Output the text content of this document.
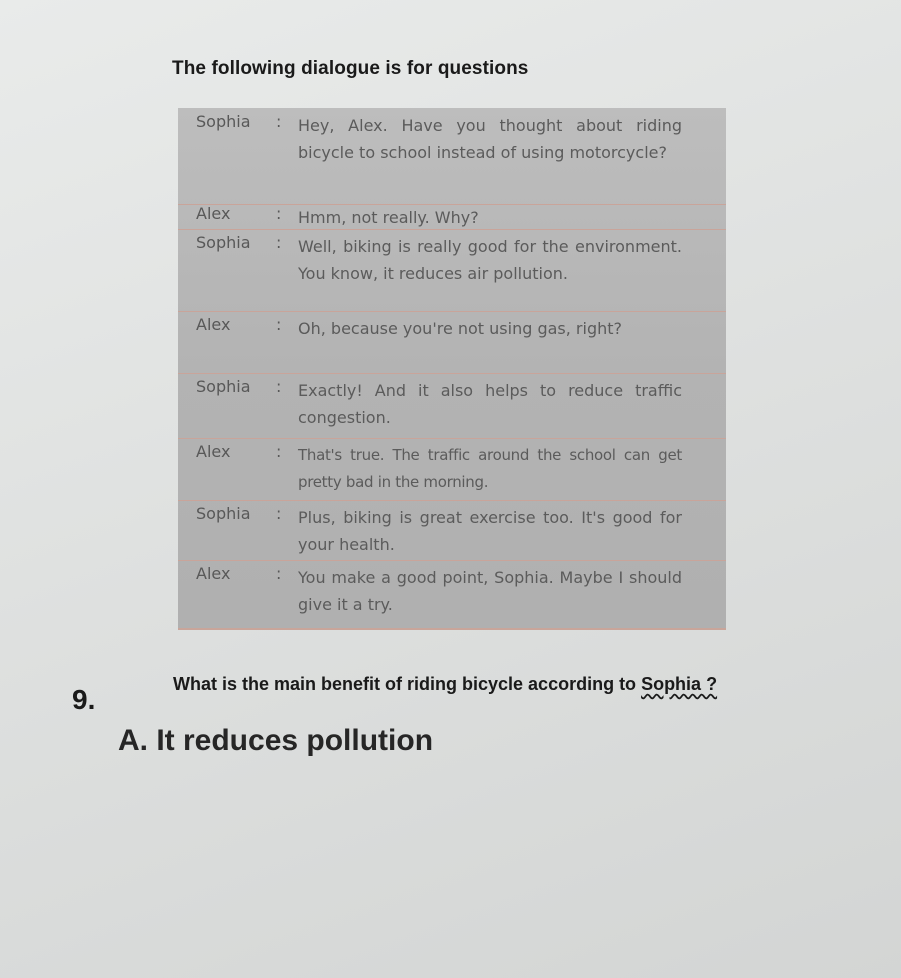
The following dialogue is for questions
Sophia : Hey, Alex. Have you thought about riding bicycle to school instead of using motorcycle?
Alex	: Hmm, not really. Why?
Sophia : Well, biking is really good for the environment. You know, it reduces air pollution.
Alex	: Oh, because you're not using gas, right?
Sophia : Exactly! And it also helps to reduce traffic congestion.
Alex	: That's true. The traffic around the school can get pretty bad in the morning.
Sophia : Plus, biking is great exercise too. It's good for your health.
Alex	: You make a good point, Sophia. Maybe I should give it a try.
9.	What is the main benefit of riding bicycle according to Sophia ?
A. It reduces pollution
